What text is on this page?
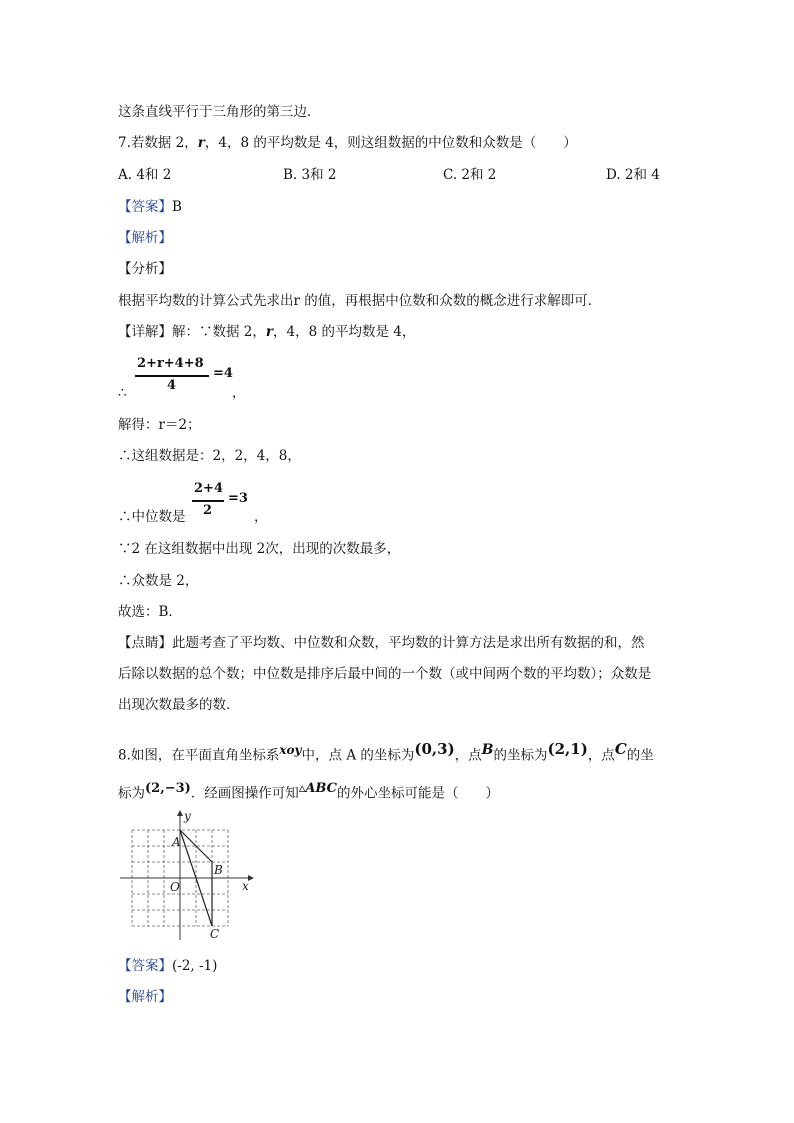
这条直线平行于三角形的第三边．
7.若数据 2，r，4，8 的平均数是 4，则这组数据的中位数和众数是（　　）
A. 4和 2	B. 3和 2	C. 2和 2	D. 2和 4
【答案】B
【解析】
【分析】
根据平均数的计算公式先求出r 的值，再根据中位数和众数的概念进行求解即可．
【详解】解：∵数据 2，r，4，8 的平均数是 4，
∴
2+r+4+8
4
=4
，
解得：r＝2；
∴这组数据是：2，2，4，8，
∴中位数是
2+4
2
=3
，
∵2 在这组数据中出现 2次，出现的次数最多，
∴众数是 2，
故选：B．
【点睛】此题考查了平均数、中位数和众数，平均数的计算方法是求出所有数据的和，然
后除以数据的总个数；中位数是排序后最中间的一个数（或中间两个数的平均数）；众数是
出现次数最多的数．
8.如图，在平面直角坐标系$^{xoy}$中，点 A 的坐标为$^{(0,3)}$，点$^B$的坐标为$^{(2,1)}$，点$^C$的坐
标为$^{(2,-3)}$．经画图操作可知$^{▵ABC}$的外心坐标可能是（　　）
A
B
C
O	x
y
【答案】(-2, -1)
【解析】
